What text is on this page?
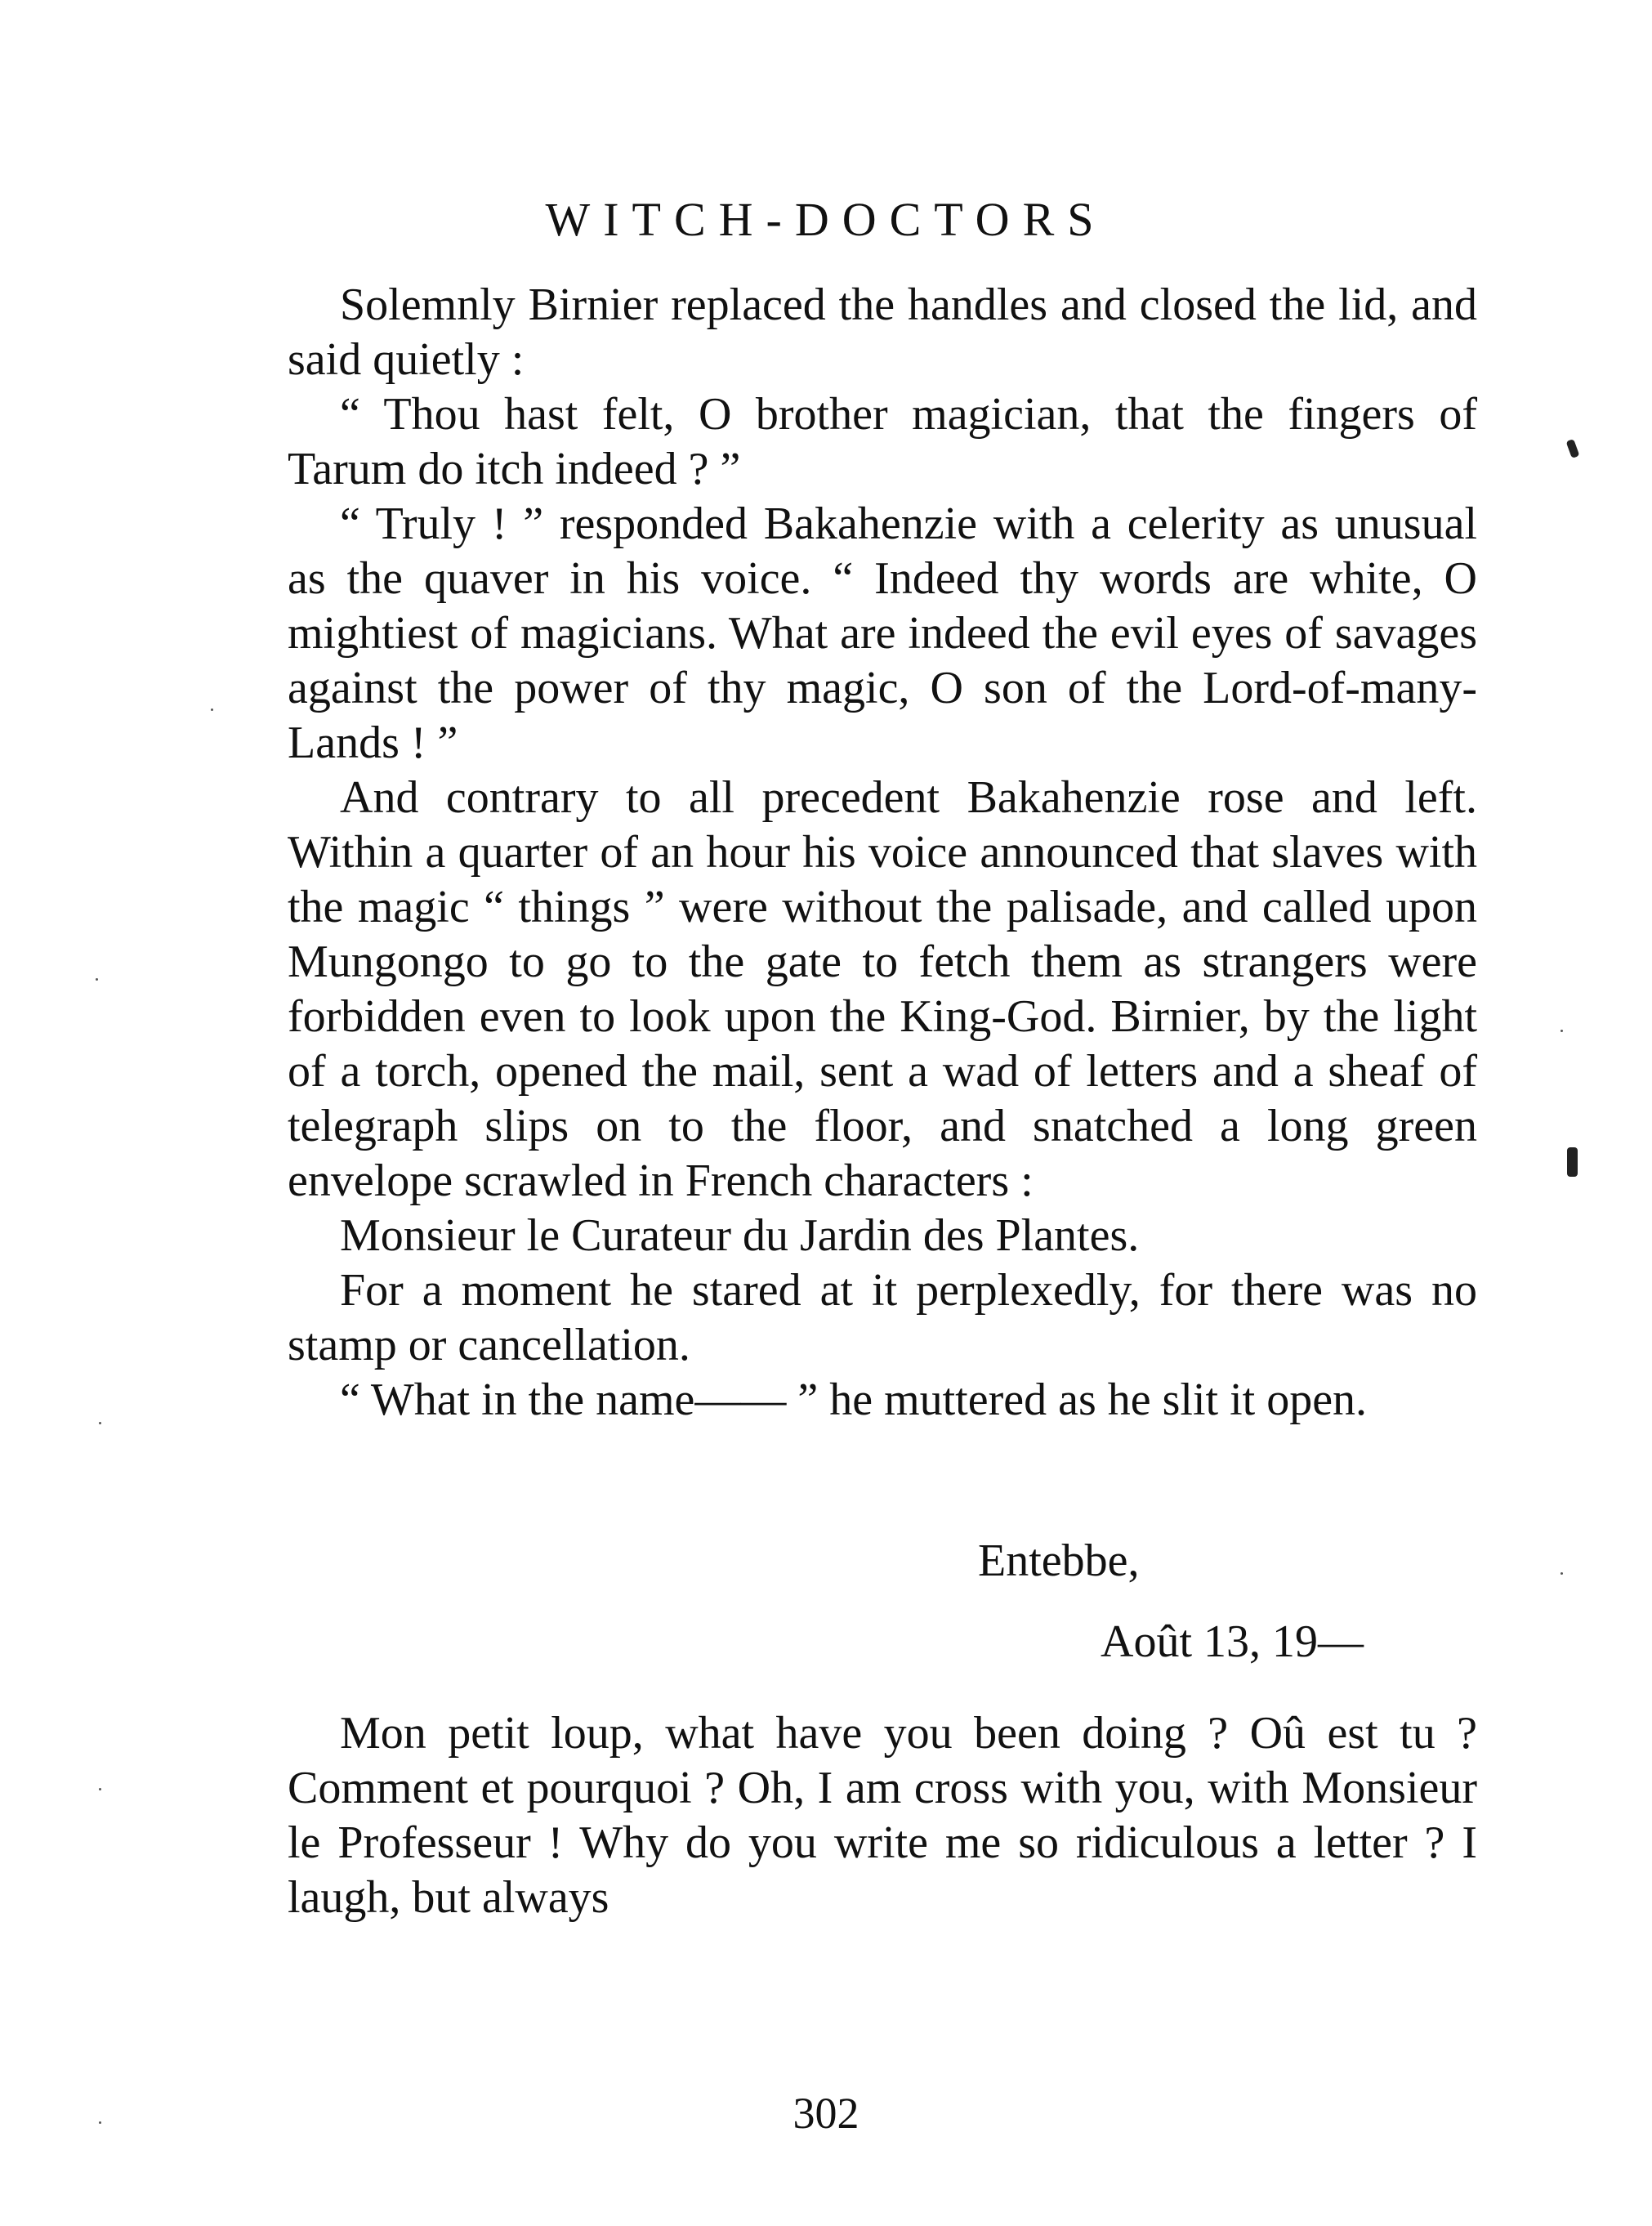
WITCH-DOCTORS

Solemnly Birnier replaced the handles and closed the lid, and said quietly :

“ Thou hast felt, O brother magician, that the fingers of Tarum do itch indeed ? ”

“ Truly ! ” responded Bakahenzie with a celerity as unusual as the quaver in his voice. “ Indeed thy words are white, O mightiest of magicians. What are indeed the evil eyes of savages against the power of thy magic, O son of the Lord-of-many-Lands ! ”

And contrary to all precedent Bakahenzie rose and left. Within a quarter of an hour his voice announced that slaves with the magic “ things ” were without the palisade, and called upon Mungongo to go to the gate to fetch them as strangers were forbidden even to look upon the King-God. Birnier, by the light of a torch, opened the mail, sent a wad of letters and a sheaf of telegraph slips on to the floor, and snatched a long green envelope scrawled in French characters :

Monsieur le Curateur du Jardin des Plantes.

For a moment he stared at it perplexedly, for there was no stamp or cancellation.

“ What in the name—— ” he muttered as he slit it open.

Entebbe,

Août 13, 19—

Mon petit loup, what have you been doing ? Oû est tu ? Comment et pourquoi ? Oh, I am cross with you, with Monsieur le Professeur ! Why do you write me so ridiculous a letter ? I laugh, but always

302
